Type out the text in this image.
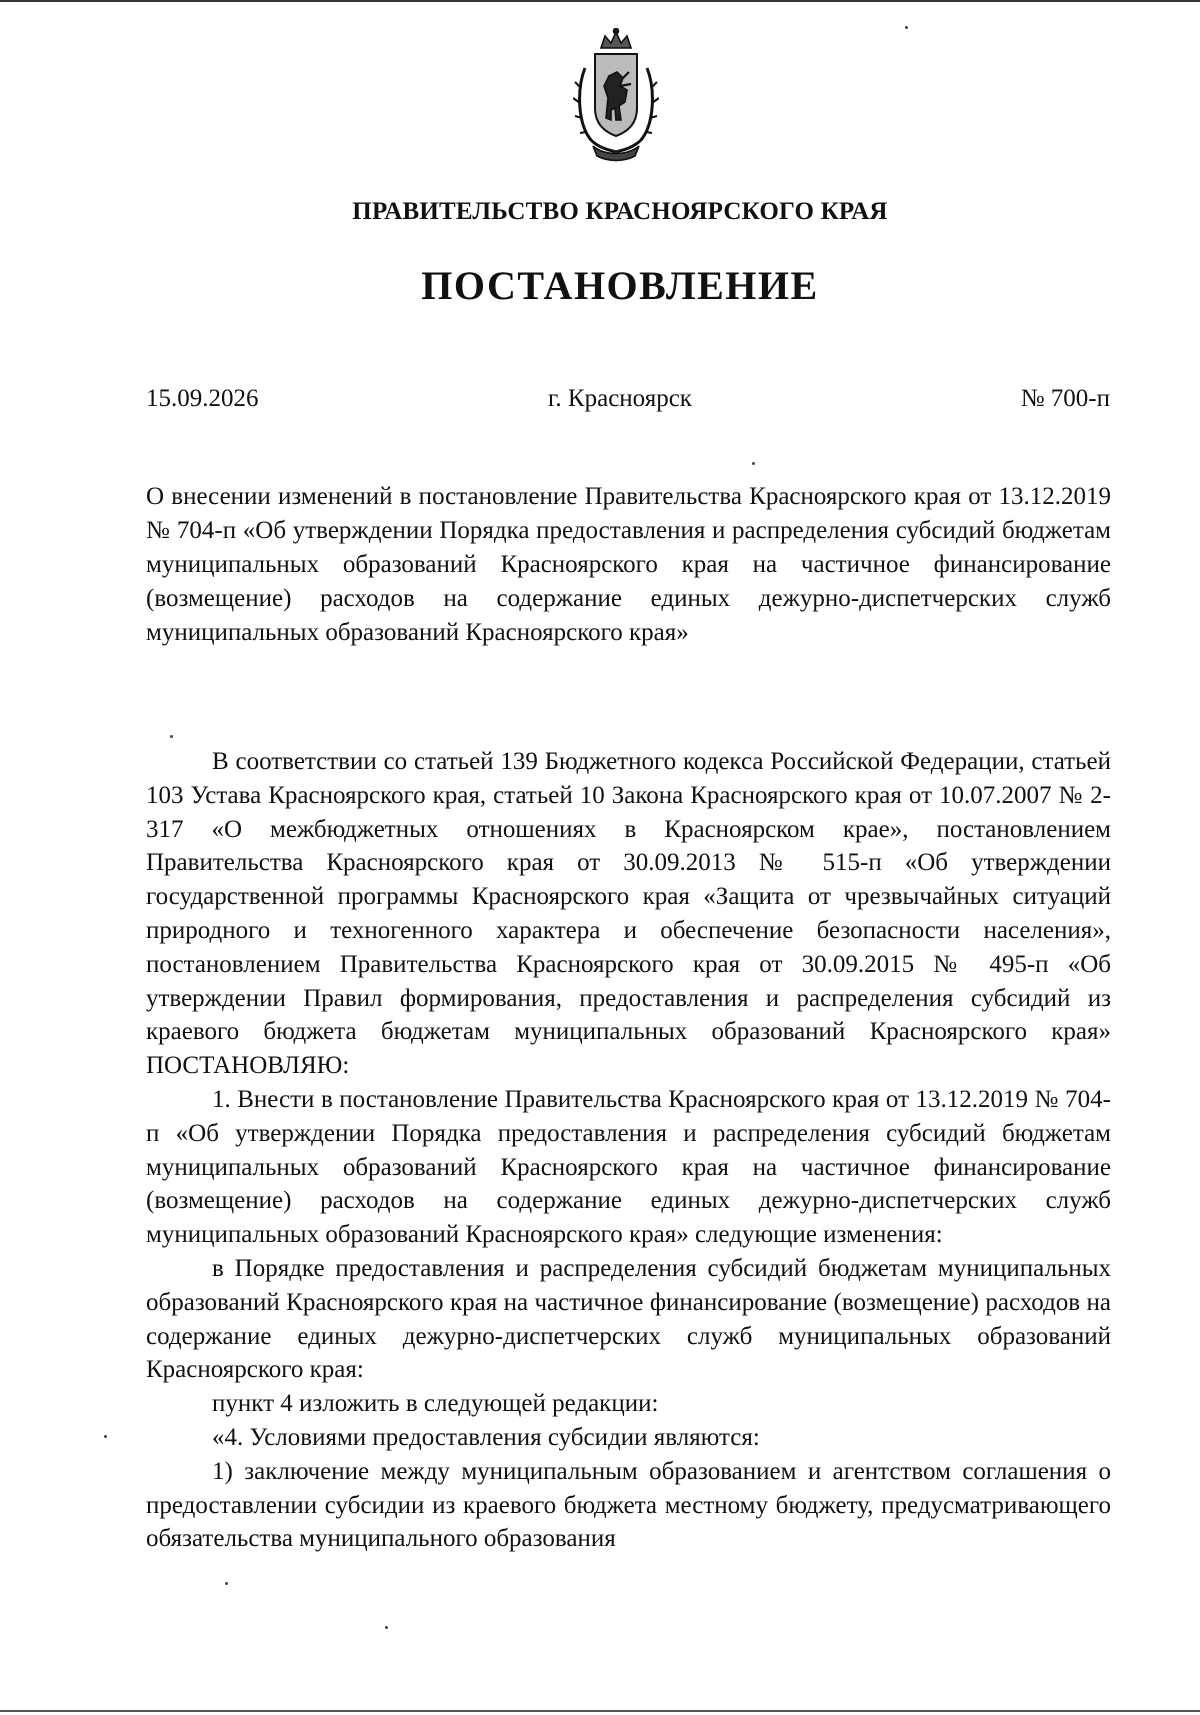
ПРАВИТЕЛЬСТВО КРАСНОЯРСКОГО КРАЯ
ПОСТАНОВЛЕНИЕ
15.09.2026	г. Красноярск	№ 700-п
О внесении изменений в постановление Правительства Красноярского края от 13.12.2019 № 704-п «Об утверждении Порядка предоставления и распределения субсидий бюджетам муниципальных образований Красноярского края на частичное финансирование (возмещение) расходов на содержание единых дежурно-диспетчерских служб муниципальных образований Красноярского края»

В соответствии со статьей 139 Бюджетного кодекса Российской Федерации, статьей 103 Устава Красноярского края, статьей 10 Закона Красноярского края от 10.07.2007 № 2-317 «О межбюджетных отношениях в Красноярском крае», постановлением Правительства Красноярского края от 30.09.2013 № 515-п «Об утверждении государственной программы Красноярского края «Защита от чрезвычайных ситуаций природного и техногенного характера и обеспечение безопасности населения», постановлением Правительства Красноярского края от 30.09.2015 № 495-п «Об утверждении Правил формирования, предоставления и распределения субсидий из краевого бюджета бюджетам муниципальных образований Красноярского края» ПОСТАНОВЛЯЮ:

1. Внести в постановление Правительства Красноярского края от 13.12.2019 № 704-п «Об утверждении Порядка предоставления и распределения субсидий бюджетам муниципальных образований Красноярского края на частичное финансирование (возмещение) расходов на содержание единых дежурно-диспетчерских служб муниципальных образований Красноярского края» следующие изменения:

в Порядке предоставления и распределения субсидий бюджетам муниципальных образований Красноярского края на частичное финансирование (возмещение) расходов на содержание единых дежурно-диспетчерских служб муниципальных образований Красноярского края:

пункт 4 изложить в следующей редакции:

«4. Условиями предоставления субсидии являются:

1) заключение между муниципальным образованием и агентством соглашения о предоставлении субсидии из краевого бюджета местному бюджету, предусматривающего обязательства муниципального образования
